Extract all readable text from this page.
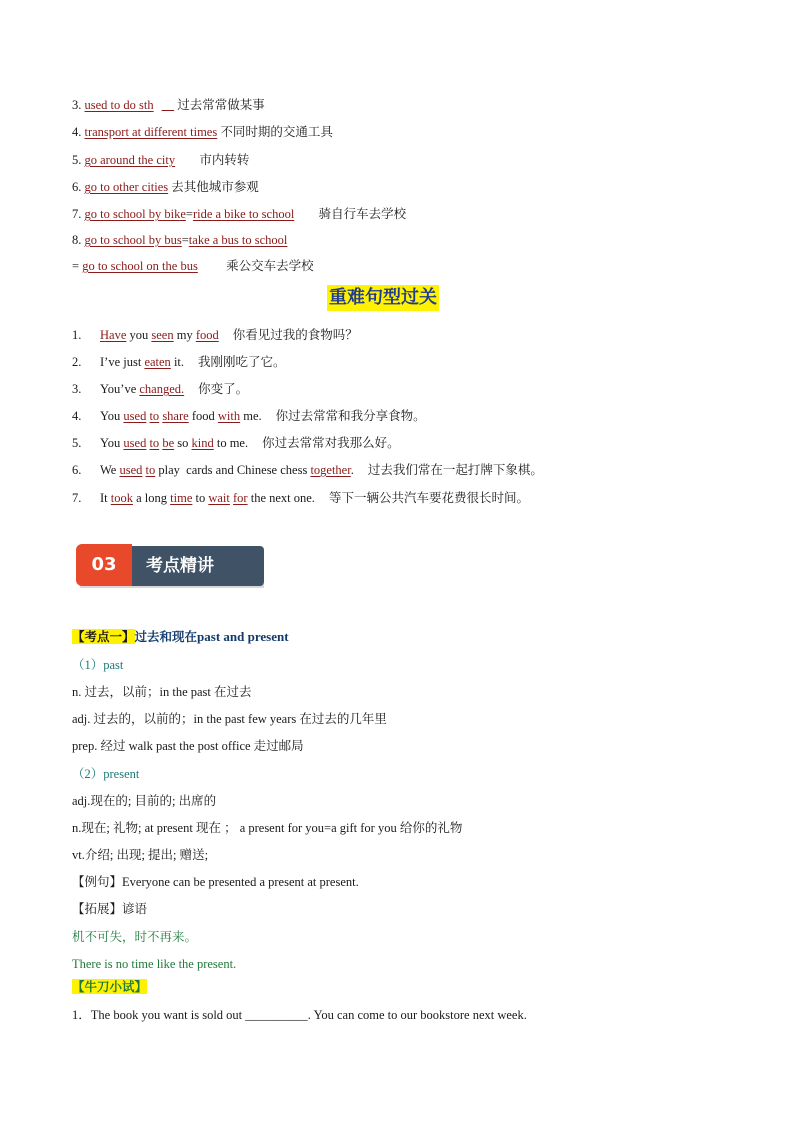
3. used to do sth 过去常常做某事
4. transport at different times 不同时期的交通工具
5. go around the city 市内转转
6. go to other cities 去其他城市参观
7. go to school by bike=ride a bike to school 骑自行车去学校
8. go to school by bus=take a bus to school
= go to school on the bus 乘公交车去学校
重难句型过关
1. Have you seen my food 你看见过我的食物吗？
2. I’ve just eaten it. 我刚刚吃了它。
3. You’ve changed. 你变了。
4. You used to share food with me. 你过去常常和我分享食物。
5. You used to be so kind to me. 你过去常常对我那么好。
6. We used to play  cards and Chinese chess together. 过去我们常在一起打牌下象棋。
7. It took a long time to wait for the next one. 等下一辆公共汽车要花费很长时间。
考点精讲
03
【考点一】过去和现在past and present
（1）past
n. 过去，以前；in the past 在过去
adj. 过去的，以前的；in the past few years 在过去的几年里
prep. 经过 walk past the post office 走过邮局
（2）present
adj.现在的; 目前的; 出席的
n.现在; 礼物; at present 现在 ； a present for you=a gift for you 给你的礼物
vt.介绍; 出现; 提出; 赠送;
【例句】Everyone can be presented a present at present.
【拓展】谚语
机不可失，时不再来。
There is no time like the present.
【牛刀小试】
1．The book you want is sold out __________. You can come to our bookstore next week.
